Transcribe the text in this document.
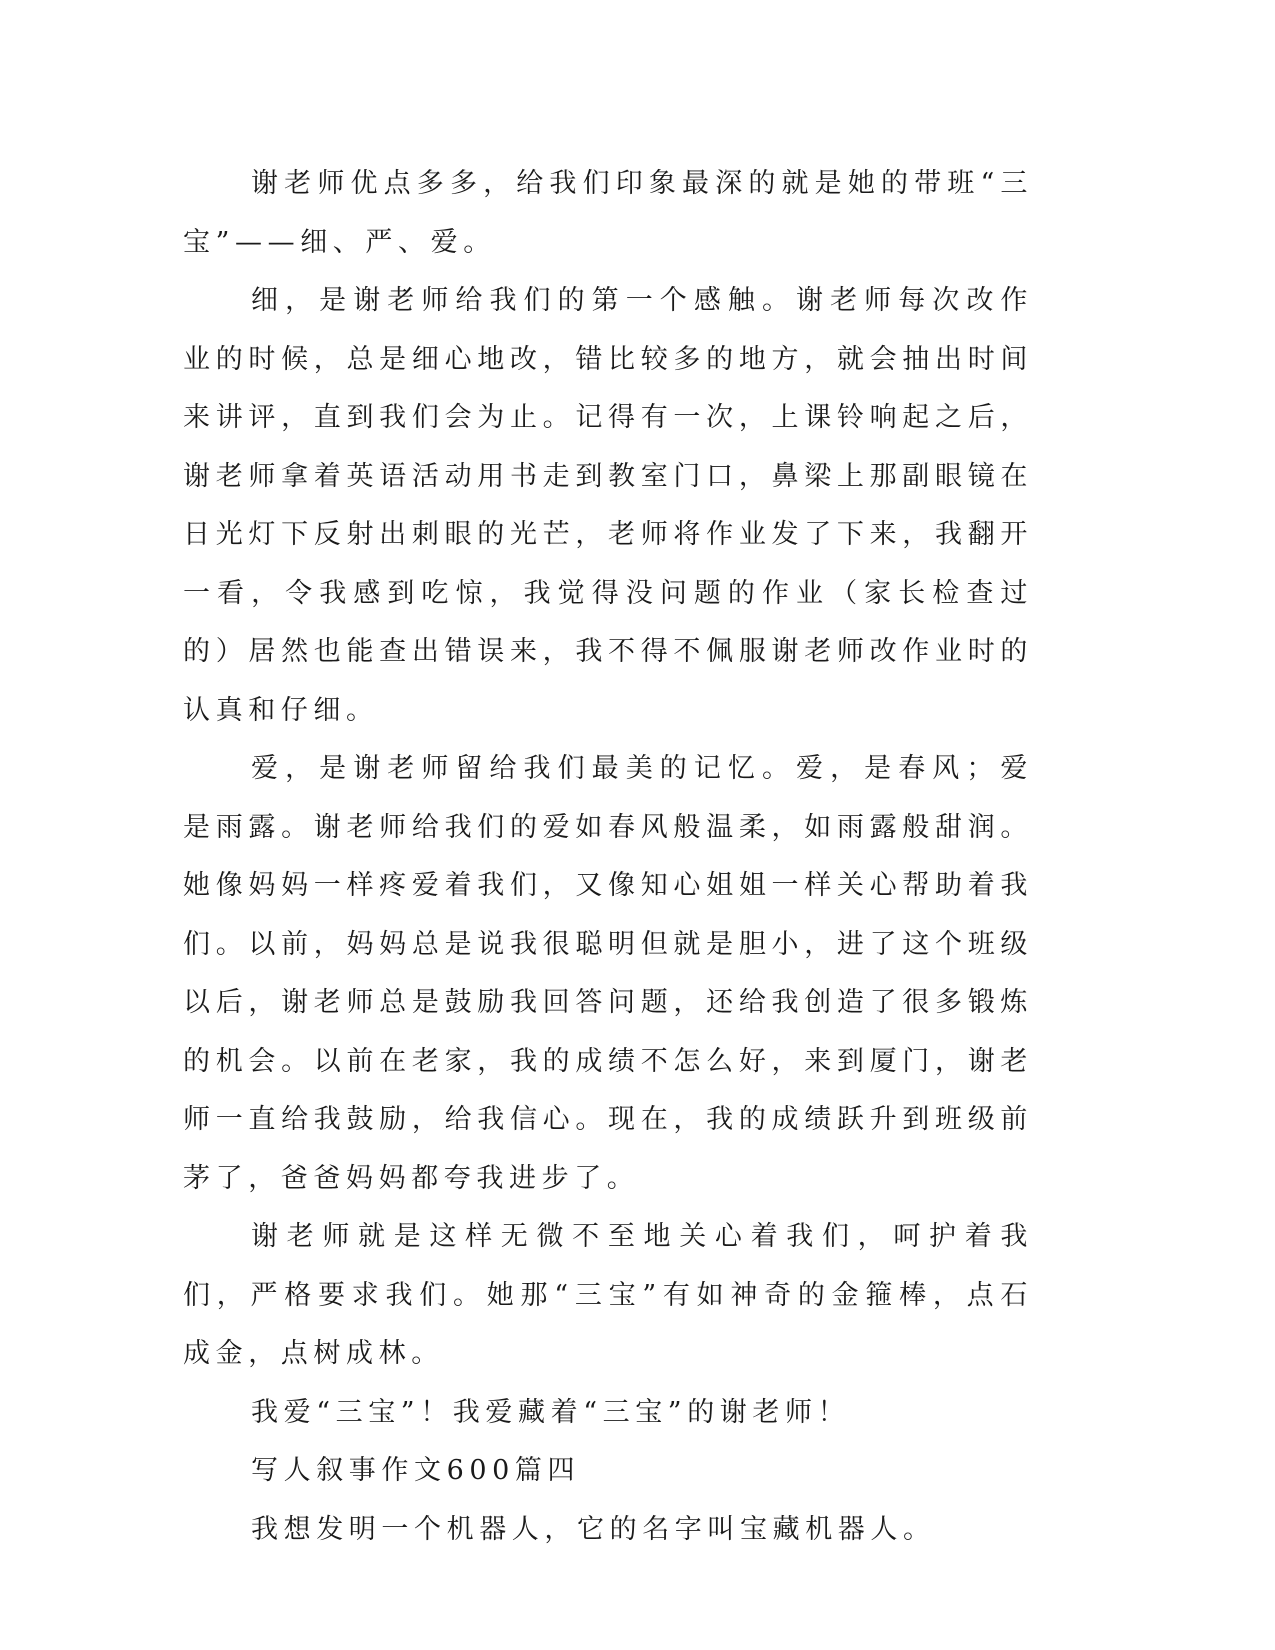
谢老师优点多多，给我们印象最深的就是她的带班“三宝”——细、严、爱。

细，是谢老师给我们的第一个感触。谢老师每次改作业的时候，总是细心地改，错比较多的地方，就会抽出时间来讲评，直到我们会为止。记得有一次，上课铃响起之后，谢老师拿着英语活动用书走到教室门口，鼻梁上那副眼镜在日光灯下反射出刺眼的光芒，老师将作业发了下来，我翻开一看，令我感到吃惊，我觉得没问题的作业（家长检查过的）居然也能查出错误来，我不得不佩服谢老师改作业时的认真和仔细。

爱，是谢老师留给我们最美的记忆。爱，是春风；爱是雨露。谢老师给我们的爱如春风般温柔，如雨露般甜润。她像妈妈一样疼爱着我们，又像知心姐姐一样关心帮助着我们。以前，妈妈总是说我很聪明但就是胆小，进了这个班级以后，谢老师总是鼓励我回答问题，还给我创造了很多锻炼的机会。以前在老家，我的成绩不怎么好，来到厦门，谢老师一直给我鼓励，给我信心。现在，我的成绩跃升到班级前茅了，爸爸妈妈都夸我进步了。

谢老师就是这样无微不至地关心着我们，呵护着我们，严格要求我们。她那“三宝”有如神奇的金箍棒，点石成金，点树成林。

我爱“三宝”！我爱藏着“三宝”的谢老师！

写人叙事作文600篇四

我想发明一个机器人，它的名字叫宝藏机器人。
